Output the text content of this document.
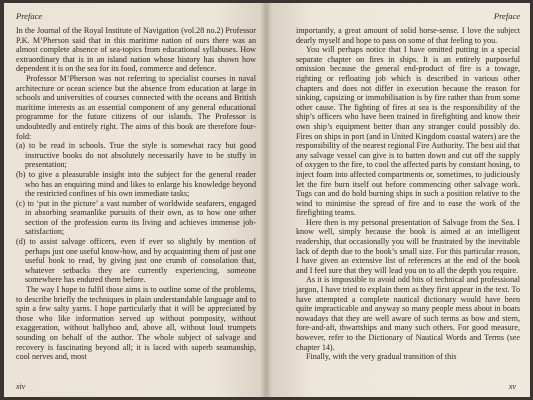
Preface

In the Journal of the Royal Institute of Navigation (vol.28 no.2) Professor P.K. M’Pherson said that in this maritime nation of ours there was an almost complete absence of sea-topics from educational syllabuses. How extraordinary that is in an island nation whose history has shown how dependent it is on the sea for its food, commerce and defence.

Professor M’Pherson was not referring to specialist courses in naval architecture or ocean science but the absence from education at large in schools and universities of courses connected with the oceans and British maritime interests as an essential component of any general educational programme for the future citizens of our islands. The Professor is undoubtedly and entirely right. The aims of this book are therefore four-fold:

(a) to be read in schools. True the style is somewhat racy but good instructive books do not absolutely necessarily have to be stuffy in presentation;

(b) to give a pleasurable insight into the subject for the general reader who has an enquiring mind and likes to enlarge his knowledge beyond the restricted confines of his own immediate tasks;

(c) to ‘put in the picture’ a vast number of worldwide seafarers, engaged in absorbing seamanlike pursuits of their own, as to how one other section of the profession earns its living and achieves immense job-satisfaction;

(d) to assist salvage officers, even if ever so slightly by mention of perhaps just one useful know-how, and by acquainting them of just one useful book to read, by giving just one crumb of consolation that, whatever setbacks they are currently experiencing, someone somewhere has endured them before.

The way I hope to fulfil those aims is to outline some of the problems, to describe briefly the techniques in plain understandable language and to spin a few salty yarns. I hope particularly that it will be appreciated by those who like information served up without pomposity, without exaggeration, without ballyhoo and, above all, without loud trumpets sounding on behalf of the author. The whole subject of salvage and recovery is fascinating beyond all; it is laced with superb seamanship, cool nerves and, most

xiv
Preface

importantly, a great amount of solid horse-sense. I love the subject dearly myself and hope to pass on some of that feeling to you.

You will perhaps notice that I have omitted putting in a special separate chapter on fires in ships. It is an entirely purposeful omission because the general end-product of fire is a towage, righting or refloating job which is described in various other chapters and does not differ in execution because the reason for sinking, capsizing or immobilisation is by fire rather than from some other cause. The fighting of fires at sea is the responsibility of the ship’s officers who have been trained in firefighting and know their own ship’s equipment better than any stranger could possibly do. Fires on ships in port (and in United Kingdom coastal waters) are the responsibility of the nearest regional Fire Authority. The best aid that any salvage vessel can give is to batten down and cut off the supply of oxygen to the fire, to cool the affected parts by constant hosing, to inject foam into affected compartments or, sometimes, to judiciously let the fire burn itself out before commencing other salvage work. Tugs can and do hold burning ships in such a position relative to the wind to minimise the spread of fire and to ease the work of the firefighting teams.

Here then is my personal presentation of Salvage from the Sea. I know well, simply because the book is aimed at an intelligent readership, that occasionally you will be frustrated by the inevitable lack of depth due to the book’s small size. For this particular reason, I have given an extensive list of references at the end of the book and I feel sure that they will lead you on to all the depth you require.

As it is impossible to avoid odd bits of technical and professional jargon, I have tried to explain them as they first appear in the text. To have attempted a complete nautical dictionary would have been quite impracticable and anyway so many people mess about in boats nowadays that they are well aware of such terms as bow and stern, fore-and-aft, thwartships and many such others. For good measure, however, refer to the Dictionary of Nautical Words and Terms (see chapter 14).

Finally, with the very gradual transition of this

xv
